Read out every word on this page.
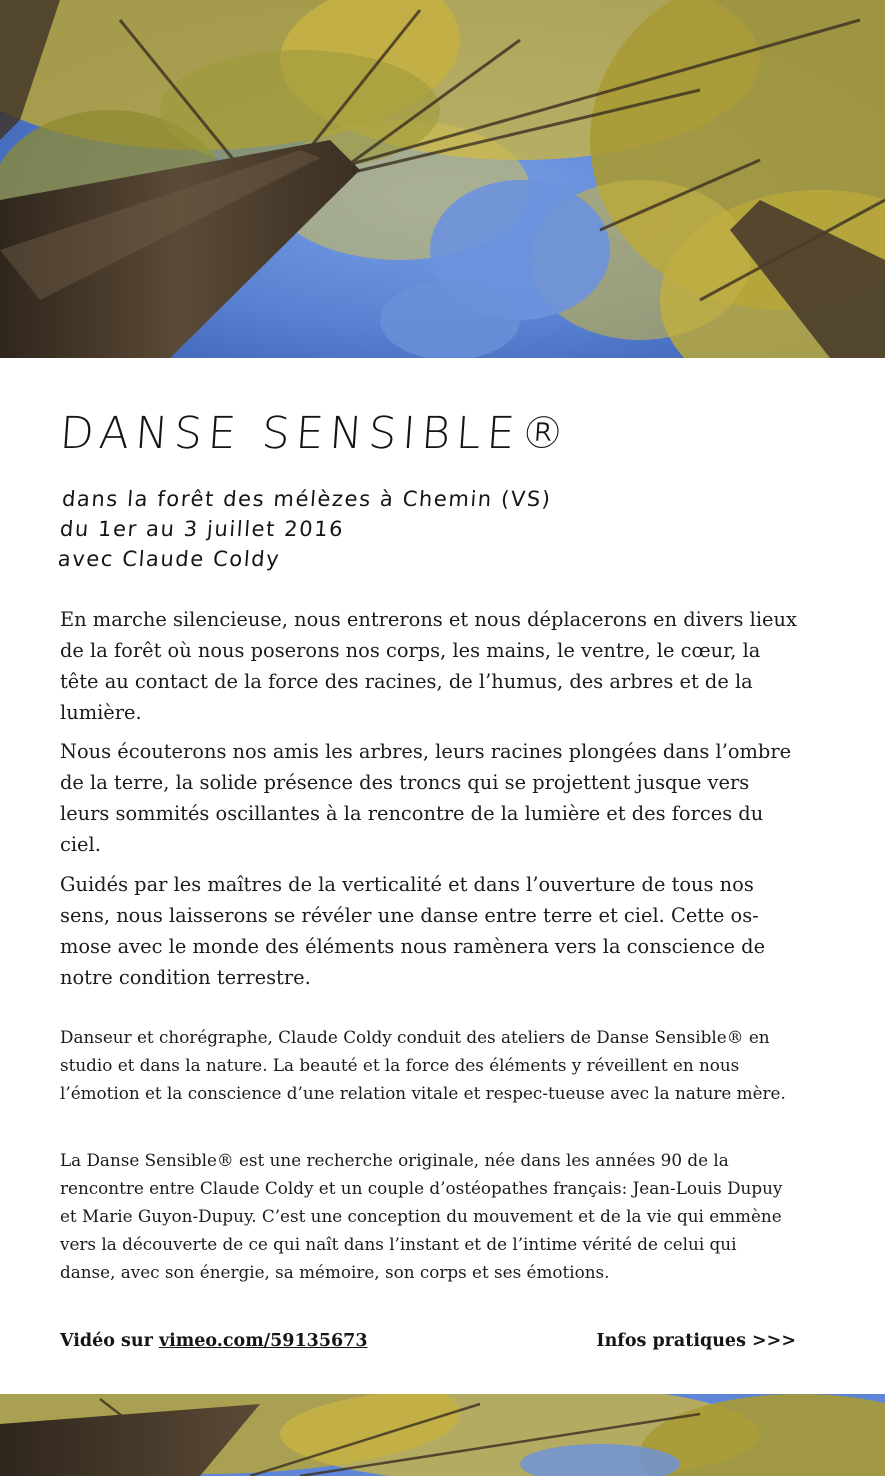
DANSE SENSIBLE®
dans la forêt des mélèzes à Chemin (VS)
du 1er au 3 juillet 2016
avec Claude Coldy

En marche silencieuse, nous entrerons et nous déplacerons en divers lieux de la forêt où nous poserons nos corps, les mains, le ventre, le cœur, la tête au contact de la force des racines, de l’humus, des arbres et de la lumière.

Nous écouterons nos amis les arbres, leurs racines plongées dans l’ombre de la terre, la solide présence des troncs qui se projettent jusque vers leurs sommités oscillantes à la rencontre de la lumière et des forces du ciel.

Guidés par les maîtres de la verticalité et dans l’ouverture de tous nos sens, nous laisserons se révéler une danse entre terre et ciel. Cette os-mose avec le monde des éléments nous ramènera vers la conscience de notre condition terrestre.

Danseur et chorégraphe, Claude Coldy conduit des ateliers de Danse Sensible® en studio et dans la nature. La beauté et la force des éléments y réveillent en nous l’émotion et la conscience d’une relation vitale et respec-tueuse avec la nature mère.

La Danse Sensible® est une recherche originale, née dans les années 90 de la rencontre entre Claude Coldy et un couple d’ostéopathes français: Jean-Louis Dupuy et Marie Guyon-Dupuy. C’est une conception du mouvement et de la vie qui emmène vers la découverte de ce qui naît dans l’instant et de l’intime vérité de celui qui danse, avec son énergie, sa mémoire, son corps et ses émotions.

Vidéo sur vimeo.com/59135673	Infos pratiques >>>
